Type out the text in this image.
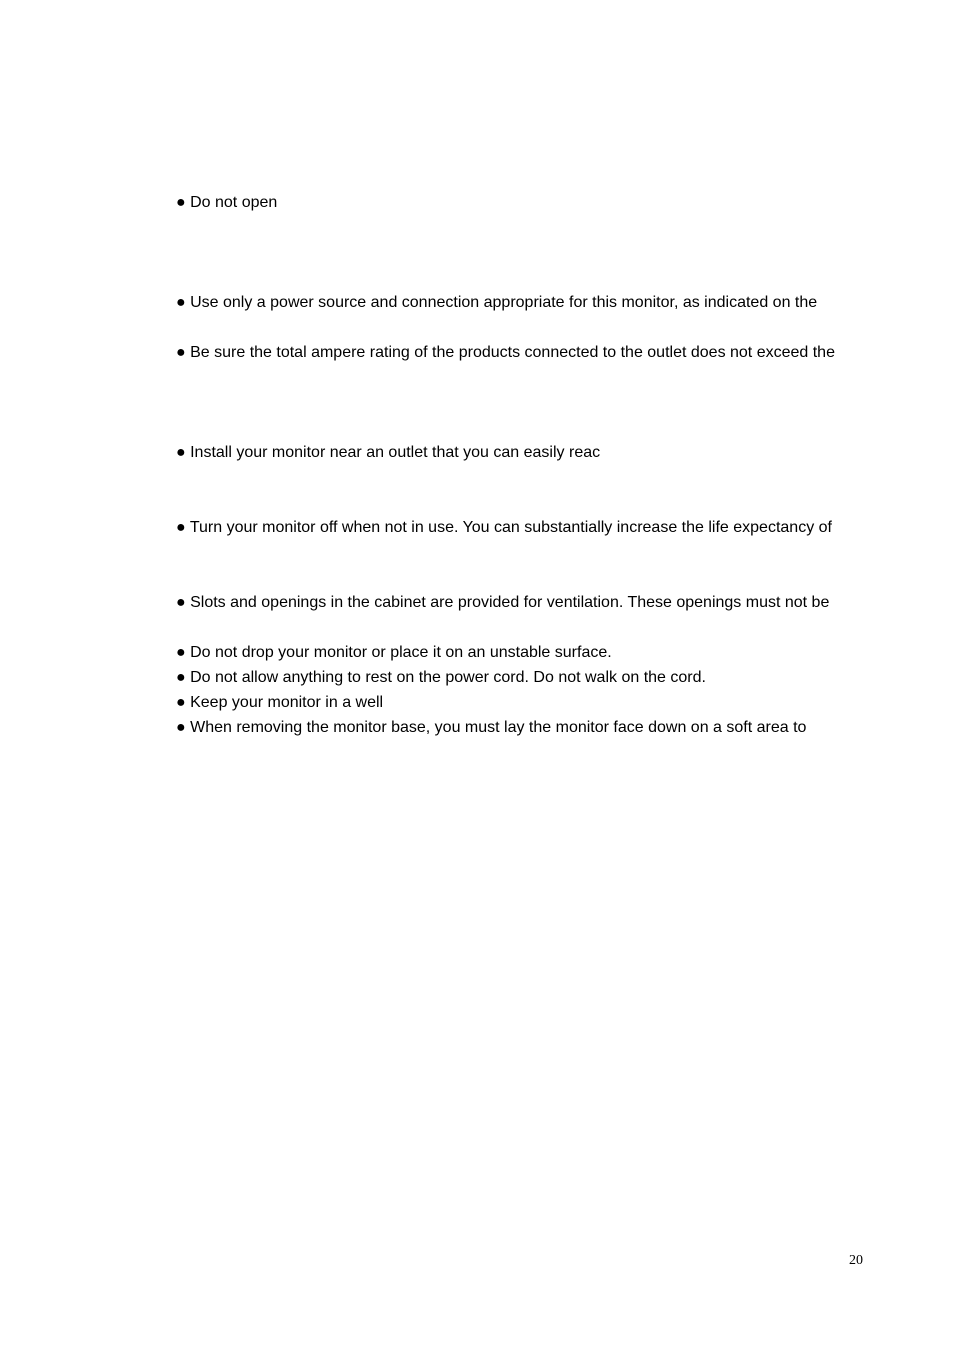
● Do not open
● Use only a power source and connection appropriate for this monitor, as indicated on the
● Be sure the total ampere rating of the products connected to the outlet does not exceed the
● Install your monitor near an outlet that you can easily reac
● Turn your monitor off when not in use. You can substantially increase the life expectancy of
● Slots and openings in the cabinet are provided for ventilation. These openings must not be
● Do not drop your monitor or place it on an unstable surface.
● Do not allow anything to rest on the power cord. Do not walk on the cord.
● Keep your monitor in a well
● When removing the monitor base, you must lay the monitor face down on a soft area to
20
